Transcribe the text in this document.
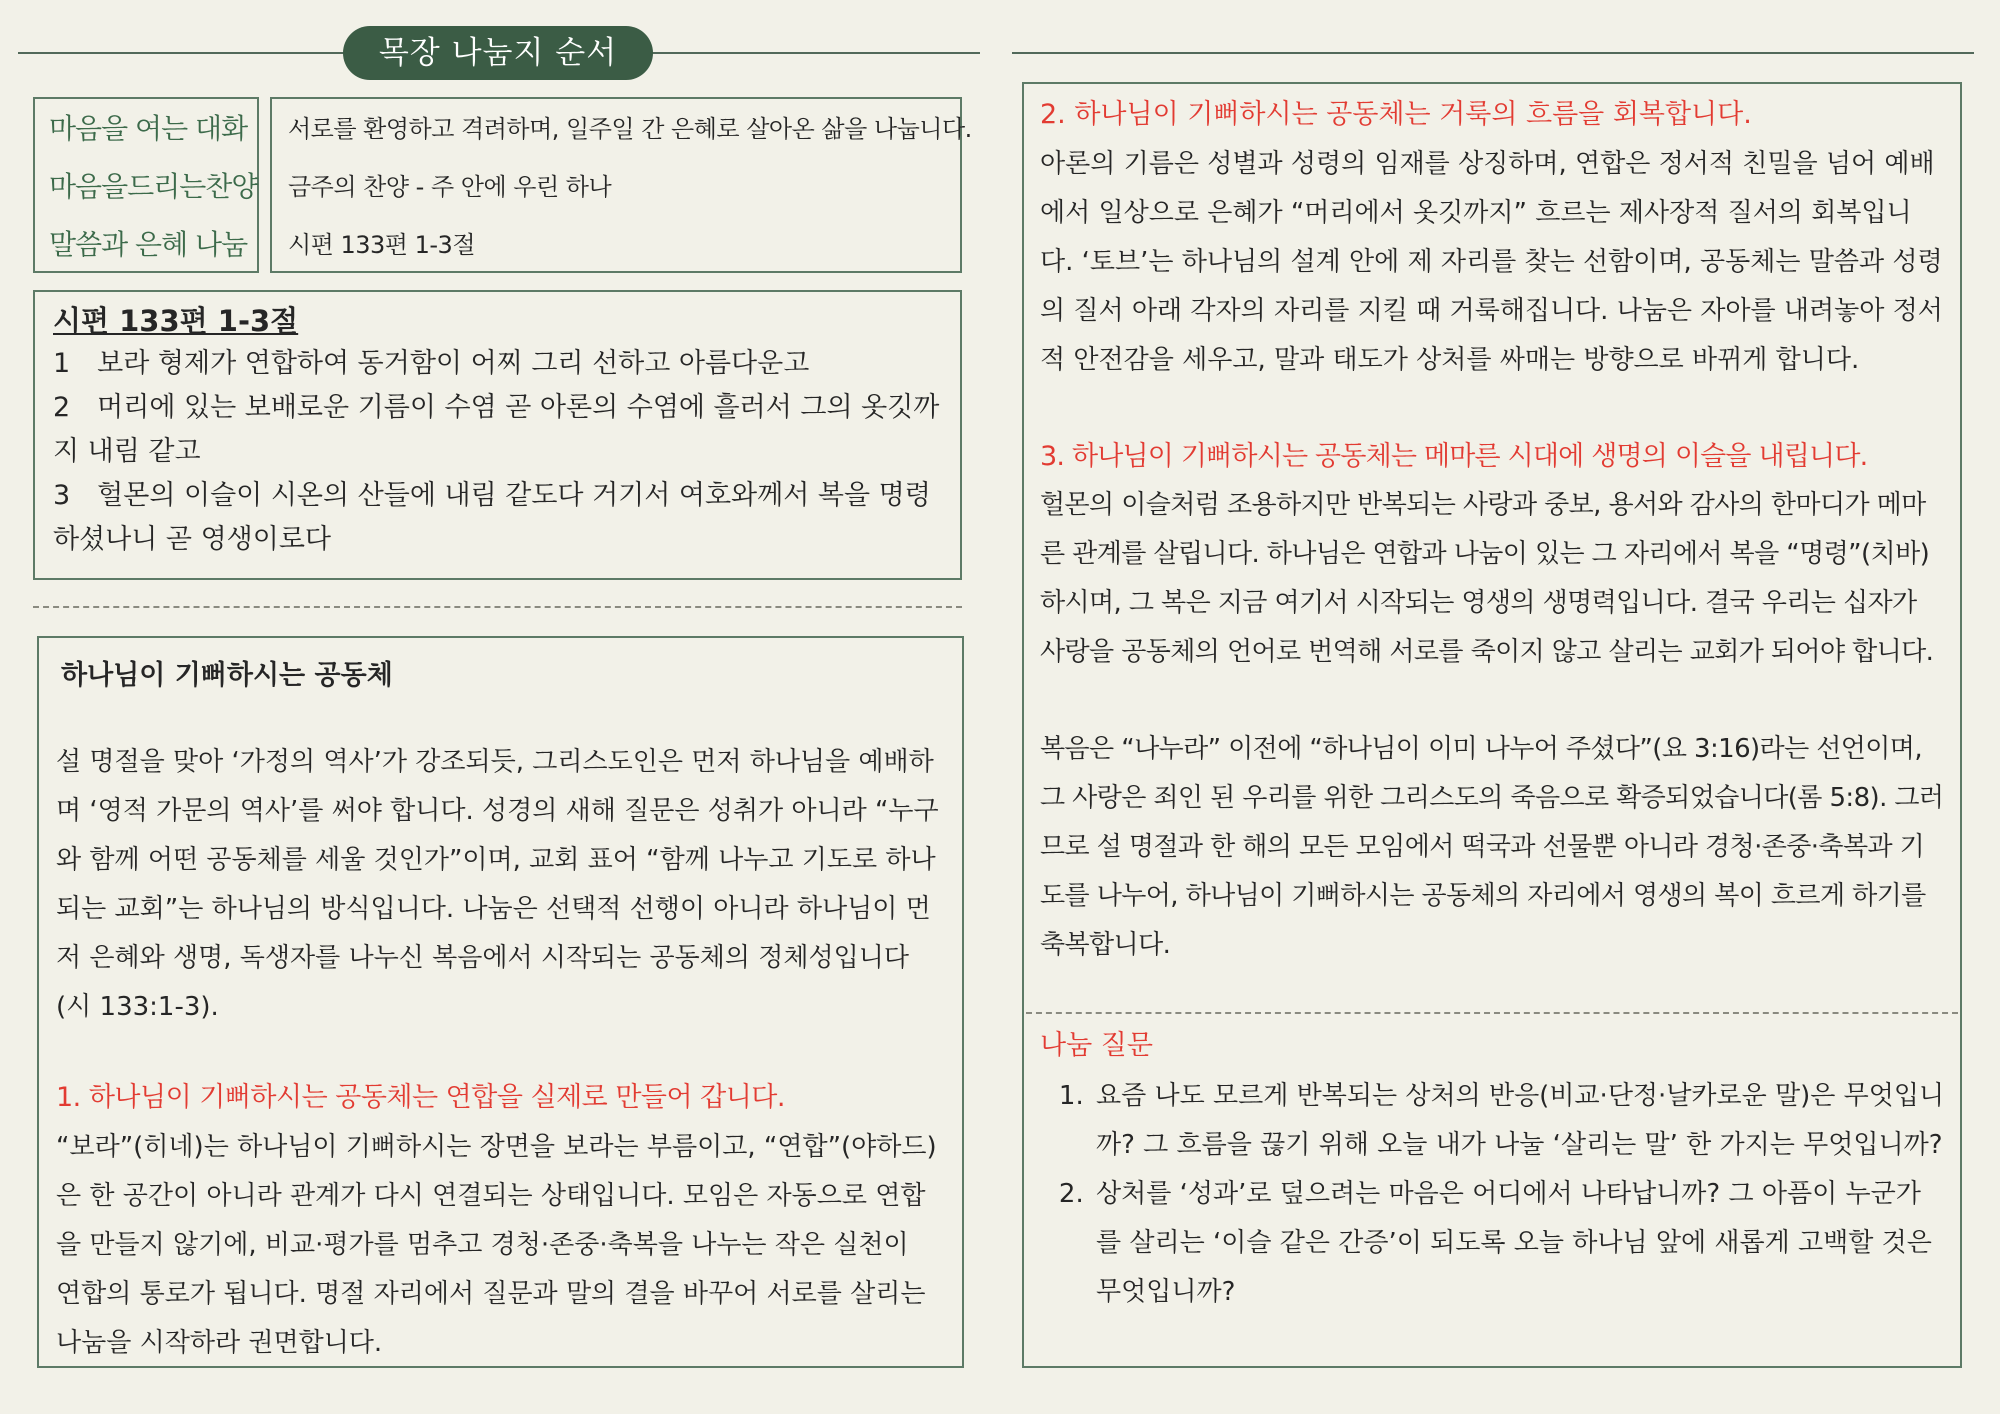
목장 나눔지 순서
마음을 여는 대화
마음을드리는찬양
말씀과 은혜 나눔
서로를 환영하고 격려하며, 일주일 간 은혜로 살아온 삶을 나눕니다.
금주의 찬양 - 주 안에 우린 하나
시편 133편 1-3절
시편 133편 1-3절
1　보라 형제가 연합하여 동거함이 어찌 그리 선하고 아름다운고
2　머리에 있는 보배로운 기름이 수염 곧 아론의 수염에 흘러서 그의 옷깃까지 내림 같고
3　헐몬의 이슬이 시온의 산들에 내림 같도다 거기서 여호와께서 복을 명령하셨나니 곧 영생이로다
하나님이 기뻐하시는 공동체

설 명절을 맞아 ‘가정의 역사’가 강조되듯, 그리스도인은 먼저 하나님을 예배하며 ‘영적 가문의 역사’를 써야 합니다. 성경의 새해 질문은 성취가 아니라 “누구와 함께 어떤 공동체를 세울 것인가”이며, 교회 표어 “함께 나누고 기도로 하나되는 교회”는 하나님의 방식입니다. 나눔은 선택적 선행이 아니라 하나님이 먼저 은혜와 생명, 독생자를 나누신 복음에서 시작되는 공동체의 정체성입니다(시 133:1-3).

1. 하나님이 기뻐하시는 공동체는 연합을 실제로 만들어 갑니다.

“보라”(히네)는 하나님이 기뻐하시는 장면을 보라는 부름이고, “연합”(야하드)은 한 공간이 아니라 관계가 다시 연결되는 상태입니다. 모임은 자동으로 연합을 만들지 않기에, 비교·평가를 멈추고 경청·존중·축복을 나누는 작은 실천이 연합의 통로가 됩니다. 명절 자리에서 질문과 말의 결을 바꾸어 서로를 살리는 나눔을 시작하라 권면합니다.

2. 하나님이 기뻐하시는 공동체는 거룩의 흐름을 회복합니다.

아론의 기름은 성별과 성령의 임재를 상징하며, 연합은 정서적 친밀을 넘어 예배에서 일상으로 은혜가 “머리에서 옷깃까지” 흐르는 제사장적 질서의 회복입니다. ‘토브’는 하나님의 설계 안에 제 자리를 찾는 선함이며, 공동체는 말씀과 성령의 질서 아래 각자의 자리를 지킬 때 거룩해집니다. 나눔은 자아를 내려놓아 정서적 안전감을 세우고, 말과 태도가 상처를 싸매는 방향으로 바뀌게 합니다.

3. 하나님이 기뻐하시는 공동체는 메마른 시대에 생명의 이슬을 내립니다.

헐몬의 이슬처럼 조용하지만 반복되는 사랑과 중보, 용서와 감사의 한마디가 메마른 관계를 살립니다. 하나님은 연합과 나눔이 있는 그 자리에서 복을 “명령”(치바)하시며, 그 복은 지금 여기서 시작되는 영생의 생명력입니다. 결국 우리는 십자가 사랑을 공동체의 언어로 번역해 서로를 죽이지 않고 살리는 교회가 되어야 합니다.

복음은 “나누라” 이전에 “하나님이 이미 나누어 주셨다”(요 3:16)라는 선언이며, 그 사랑은 죄인 된 우리를 위한 그리스도의 죽음으로 확증되었습니다(롬 5:8). 그러므로 설 명절과 한 해의 모든 모임에서 떡국과 선물뿐 아니라 경청·존중·축복과 기도를 나누어, 하나님이 기뻐하시는 공동체의 자리에서 영생의 복이 흐르게 하기를 축복합니다.

나눔 질문

1. 요즘 나도 모르게 반복되는 상처의 반응(비교·단정·날카로운 말)은 무엇입니까? 그 흐름을 끊기 위해 오늘 내가 나눌 ‘살리는 말’ 한 가지는 무엇입니까?
2. 상처를 ‘성과’로 덮으려는 마음은 어디에서 나타납니까? 그 아픔이 누군가를 살리는 ‘이슬 같은 간증’이 되도록 오늘 하나님 앞에 새롭게 고백할 것은 무엇입니까?
